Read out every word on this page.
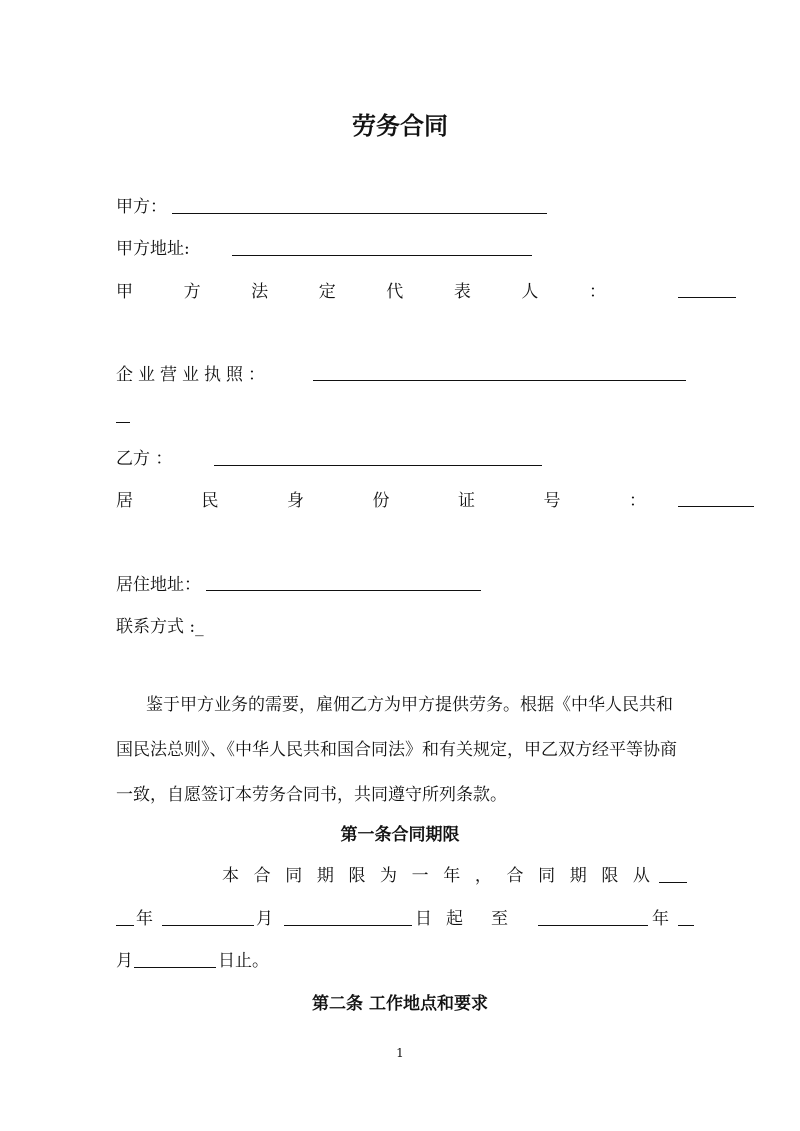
劳务合同
甲方：
甲方地址:
甲	方	法	定	代	表	人	：
企业营业执照：
乙方 ：
居	民	身	份	证	号	：
居住地址：
联系方式 :_
鉴于甲方业务的需要，雇佣乙方为甲方提供劳务。根据《中华人民共和国民法总则》、《中华人民共和国合同法》和有关规定，甲乙双方经平等协商一致，自愿签订本劳务合同书，共同遵守所列条款。
第一条合同期限
本 合 同 期 限 为 一 年 ， 合 同 期 限 从
年	月	日起 至	年
月	日止。
第二条 工作地点和要求
1
